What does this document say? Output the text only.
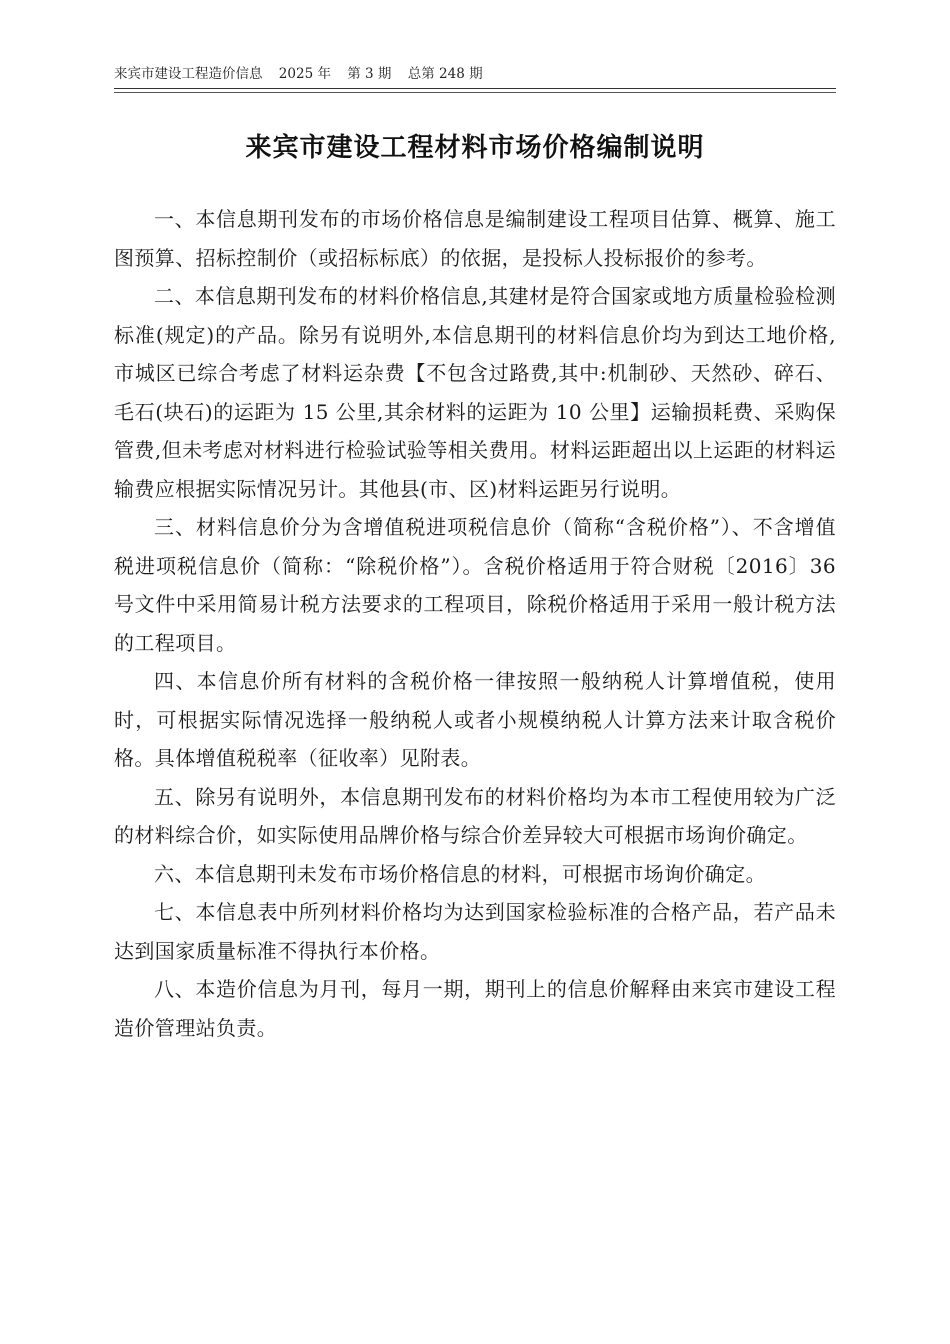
来宾市建设工程造价信息 2025 年 第 3 期 总第 248 期
来宾市建设工程材料市场价格编制说明

一、本信息期刊发布的市场价格信息是编制建设工程项目估算、概算、施工图预算、招标控制价（或招标标底）的依据，是投标人投标报价的参考。

二、本信息期刊发布的材料价格信息,其建材是符合国家或地方质量检验检测标准(规定)的产品。除另有说明外,本信息期刊的材料信息价均为到达工地价格,市城区已综合考虑了材料运杂费【不包含过路费,其中:机制砂、天然砂、碎石、毛石(块石)的运距为 15 公里,其余材料的运距为 10 公里】运输损耗费、采购保管费,但未考虑对材料进行检验试验等相关费用。材料运距超出以上运距的材料运输费应根据实际情况另计。其他县(市、区)材料运距另行说明。

三、材料信息价分为含增值税进项税信息价（简称“含税价格”）、不含增值税进项税信息价（简称：“除税价格”）。含税价格适用于符合财税〔2016〕36 号文件中采用简易计税方法要求的工程项目，除税价格适用于采用一般计税方法的工程项目。

四、本信息价所有材料的含税价格一律按照一般纳税人计算增值税，使用时，可根据实际情况选择一般纳税人或者小规模纳税人计算方法来计取含税价格。具体增值税税率（征收率）见附表。

五、除另有说明外，本信息期刊发布的材料价格均为本市工程使用较为广泛的材料综合价，如实际使用品牌价格与综合价差异较大可根据市场询价确定。

六、本信息期刊未发布市场价格信息的材料，可根据市场询价确定。

七、本信息表中所列材料价格均为达到国家检验标准的合格产品，若产品未达到国家质量标准不得执行本价格。

八、本造价信息为月刊，每月一期，期刊上的信息价解释由来宾市建设工程造价管理站负责。
